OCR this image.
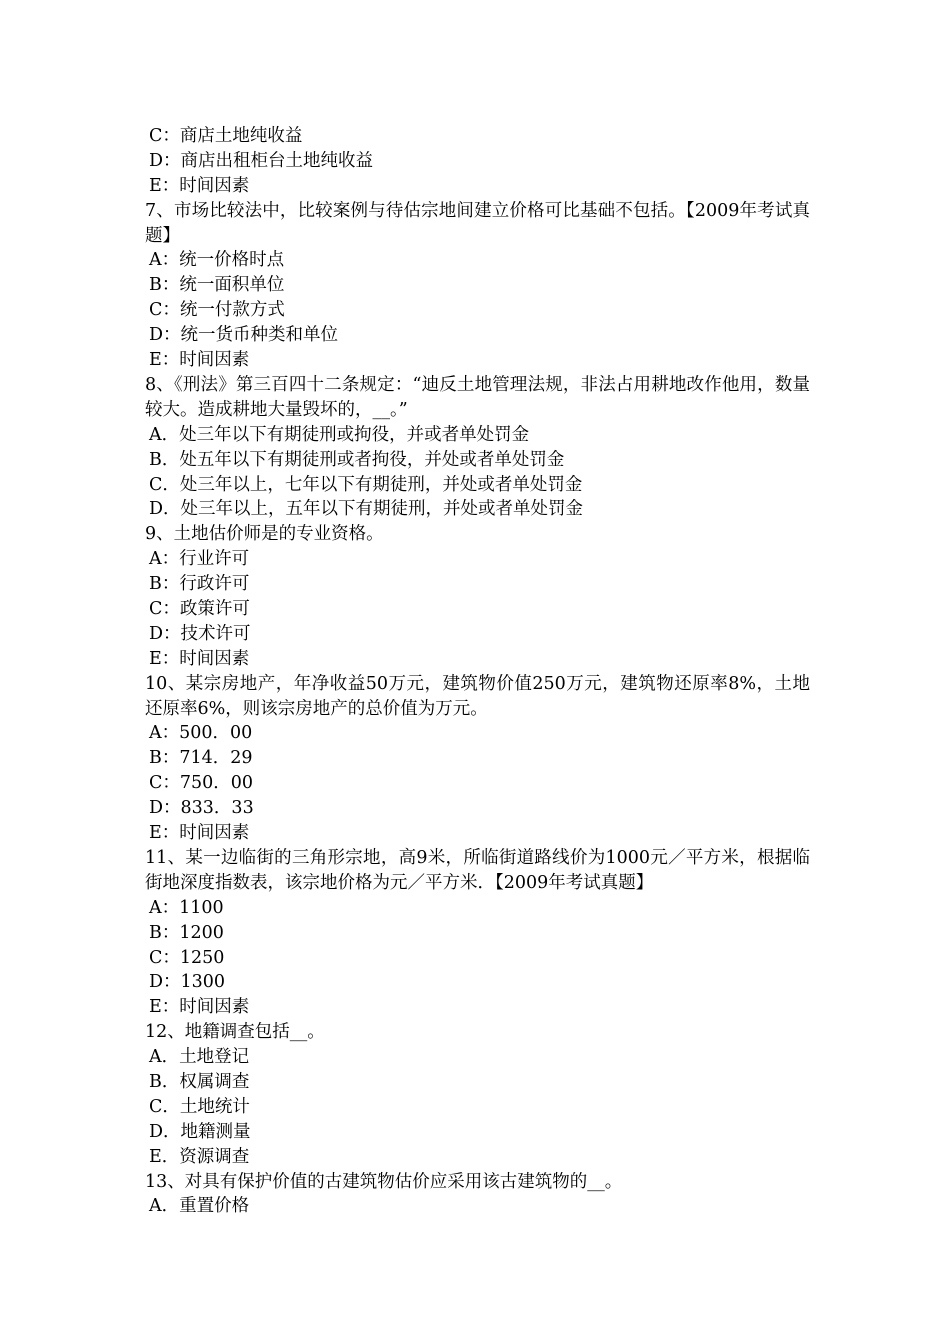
C：商店土地纯收益
D：商店出租柜台土地纯收益
E：时间因素
7、市场比较法中，比较案例与待估宗地间建立价格可比基础不包括。【2009年考试真题】
A：统一价格时点
B：统一面积单位
C：统一付款方式
D：统一货币种类和单位
E：时间因素
8、《刑法》第三百四十二条规定：“迪反土地管理法规，非法占用耕地改作他用，数量较大。造成耕地大量毁坏的，__。”
A．处三年以下有期徒刑或拘役，并或者单处罚金
B．处五年以下有期徒刑或者拘役，并处或者单处罚金
C．处三年以上，七年以下有期徒刑，并处或者单处罚金
D．处三年以上，五年以下有期徒刑，并处或者单处罚金
9、土地估价师是的专业资格。
A：行业许可
B：行政许可
C：政策许可
D：技术许可
E：时间因素
10、某宗房地产，年净收益50万元，建筑物价值250万元，建筑物还原率8%，土地还原率6%，则该宗房地产的总价值为万元。
A：500．00
B：714．29
C：750．00
D：833．33
E：时间因素
11、某一边临街的三角形宗地，高9米，所临街道路线价为1000元／平方米，根据临街地深度指数表，该宗地价格为元／平方米．【2009年考试真题】
A：1100
B：1200
C：1250
D：1300
E：时间因素
12、地籍调查包括__。
A．土地登记
B．权属调查
C．土地统计
D．地籍测量
E．资源调查
13、对具有保护价值的古建筑物估价应采用该古建筑物的__。
A．重置价格
